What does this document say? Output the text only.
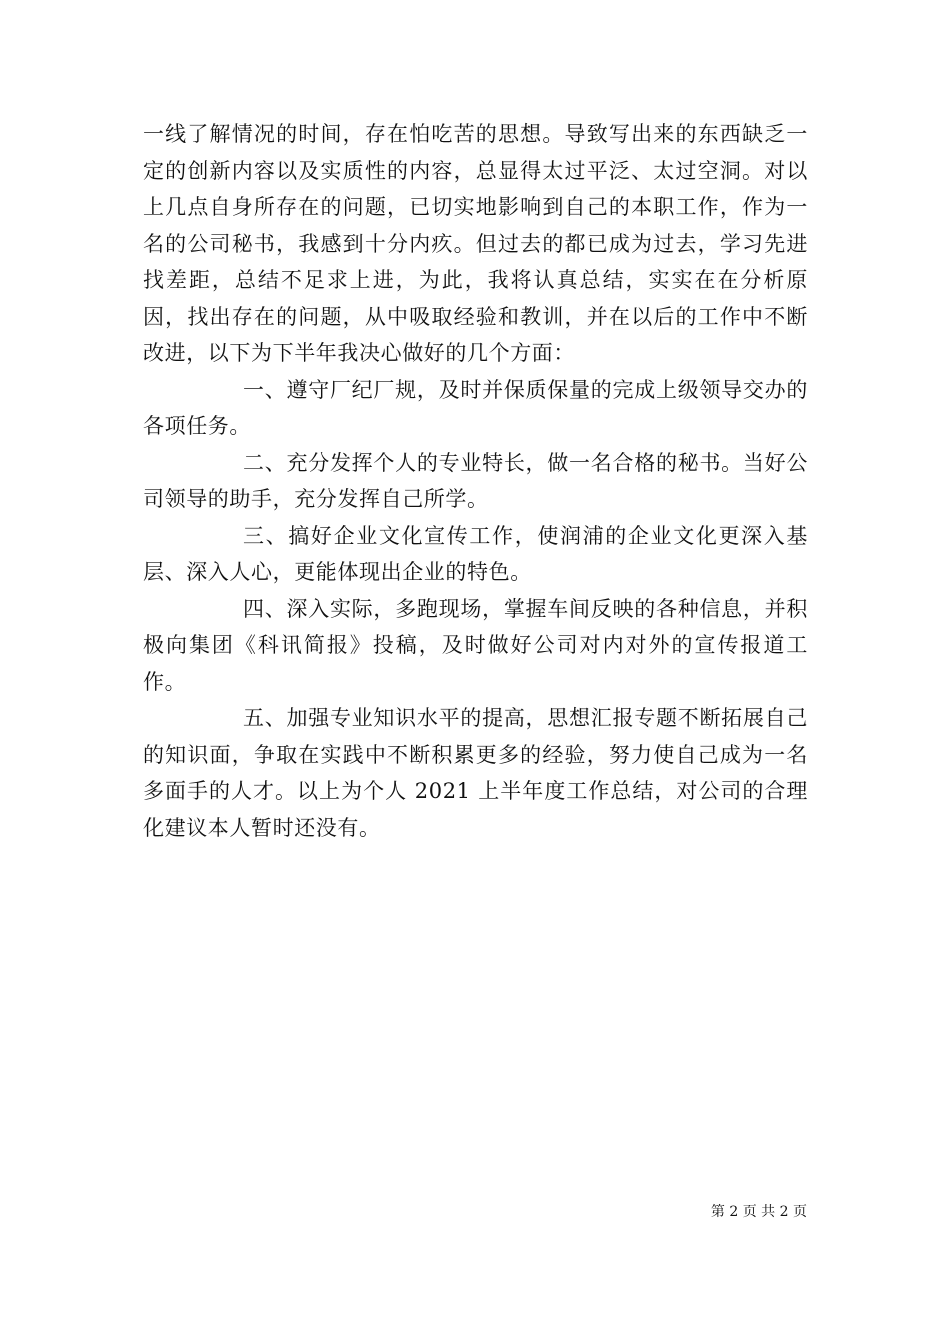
一线了解情况的时间，存在怕吃苦的思想。导致写出来的东西缺乏一定的创新内容以及实质性的内容，总显得太过平泛、太过空洞。对以上几点自身所存在的问题，已切实地影响到自己的本职工作，作为一名的公司秘书，我感到十分内疚。但过去的都已成为过去，学习先进找差距，总结不足求上进，为此，我将认真总结，实实在在分析原因，找出存在的问题，从中吸取经验和教训，并在以后的工作中不断改进，以下为下半年我决心做好的几个方面：

一、遵守厂纪厂规，及时并保质保量的完成上级领导交办的各项任务。

二、充分发挥个人的专业特长，做一名合格的秘书。当好公司领导的助手，充分发挥自己所学。

三、搞好企业文化宣传工作，使润浦的企业文化更深入基层、深入人心，更能体现出企业的特色。

四、深入实际，多跑现场，掌握车间反映的各种信息，并积极向集团《科讯简报》投稿，及时做好公司对内对外的宣传报道工作。

五、加强专业知识水平的提高，思想汇报专题不断拓展自己的知识面，争取在实践中不断积累更多的经验，努力使自己成为一名多面手的人才。以上为个人 2021 上半年度工作总结，对公司的合理化建议本人暂时还没有。

第 2 页 共 2 页
